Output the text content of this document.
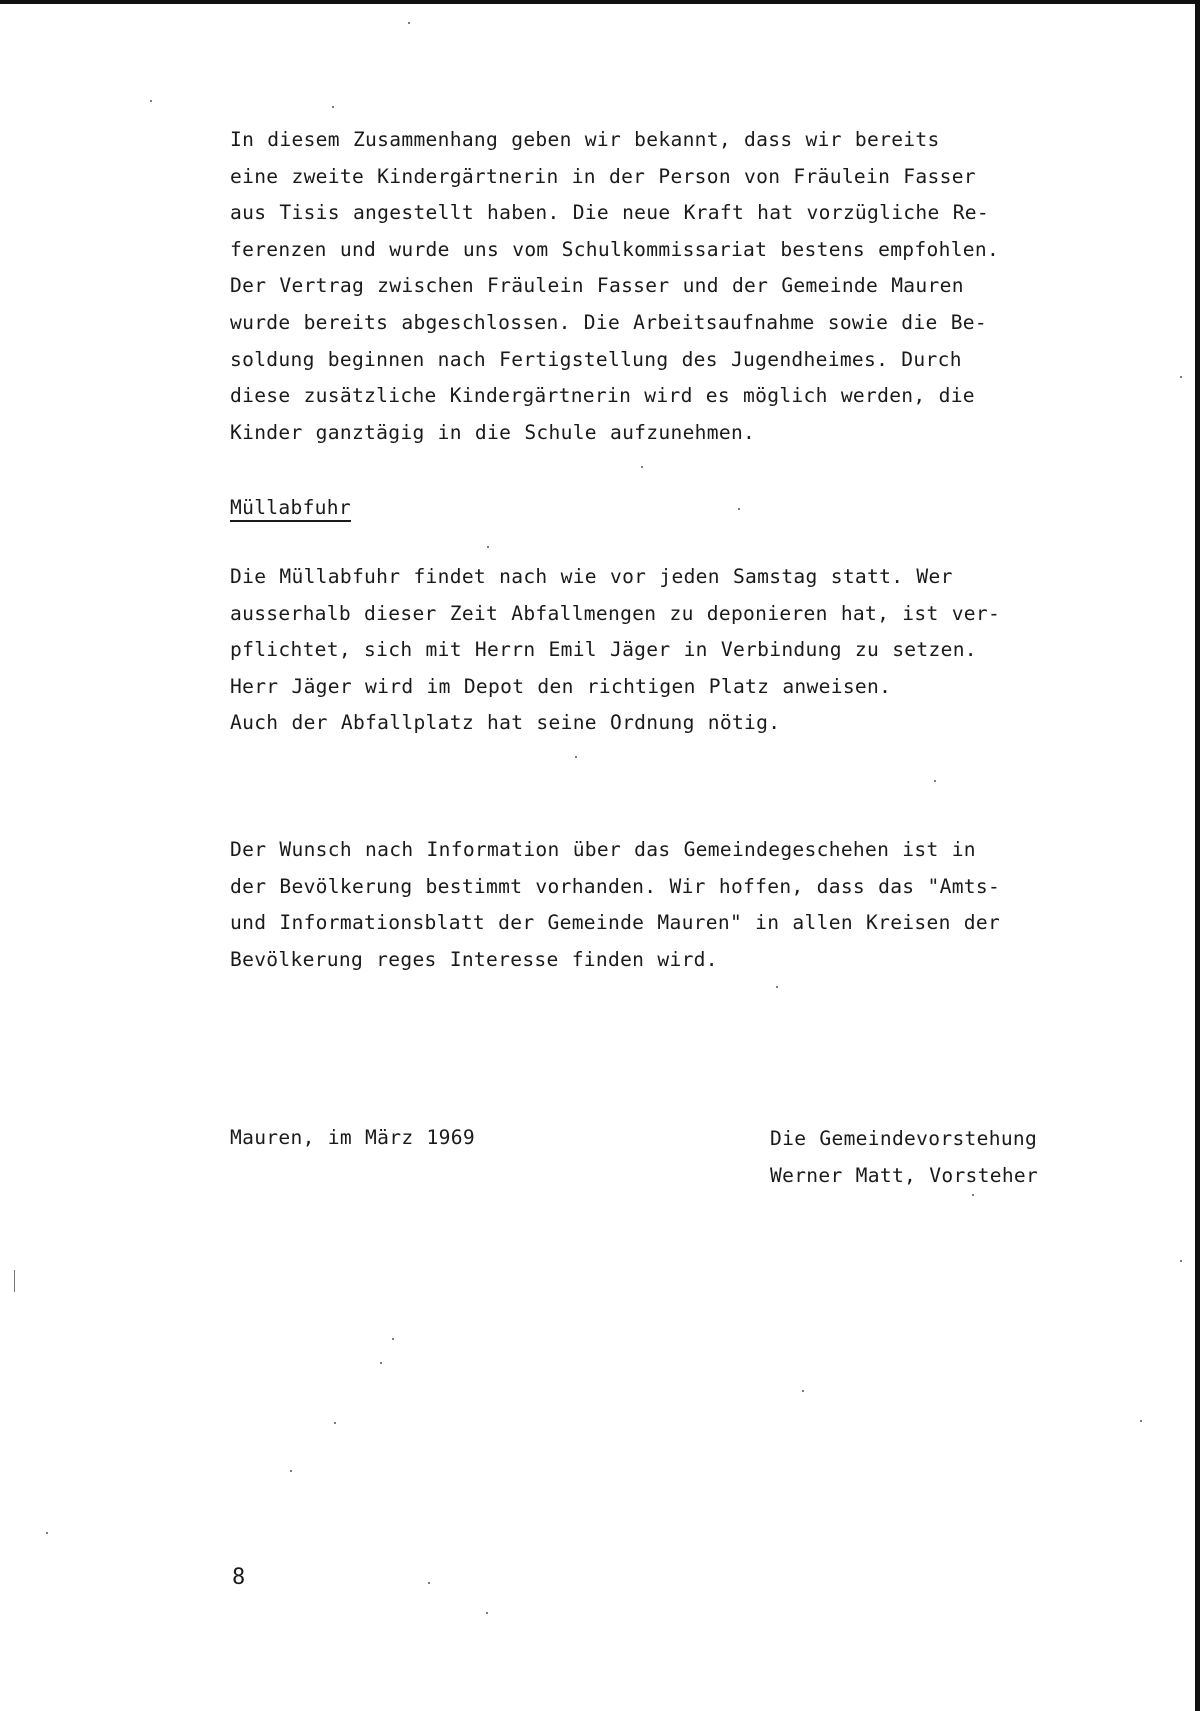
In diesem Zusammenhang geben wir bekannt, dass wir bereits
eine zweite Kindergärtnerin in der Person von Fräulein Fasser
aus Tisis angestellt haben. Die neue Kraft hat vorzügliche Re-
ferenzen und wurde uns vom Schulkommissariat bestens empfohlen.
Der Vertrag zwischen Fräulein Fasser und der Gemeinde Mauren
wurde bereits abgeschlossen. Die Arbeitsaufnahme sowie die Be-
soldung beginnen nach Fertigstellung des Jugendheimes. Durch
diese zusätzliche Kindergärtnerin wird es möglich werden, die
Kinder ganztägig in die Schule aufzunehmen.
Müllabfuhr
Die Müllabfuhr findet nach wie vor jeden Samstag statt. Wer
ausserhalb dieser Zeit Abfallmengen zu deponieren hat, ist ver-
pflichtet, sich mit Herrn Emil Jäger in Verbindung zu setzen.
Herr Jäger wird im Depot den richtigen Platz anweisen.
Auch der Abfallplatz hat seine Ordnung nötig.
Der Wunsch nach Information über das Gemeindegeschehen ist in
der Bevölkerung bestimmt vorhanden. Wir hoffen, dass das "Amts-
und Informationsblatt der Gemeinde Mauren" in allen Kreisen der
Bevölkerung reges Interesse finden wird.
Mauren, im März 1969	Die Gemeindevorstehung
Werner Matt, Vorsteher
8
